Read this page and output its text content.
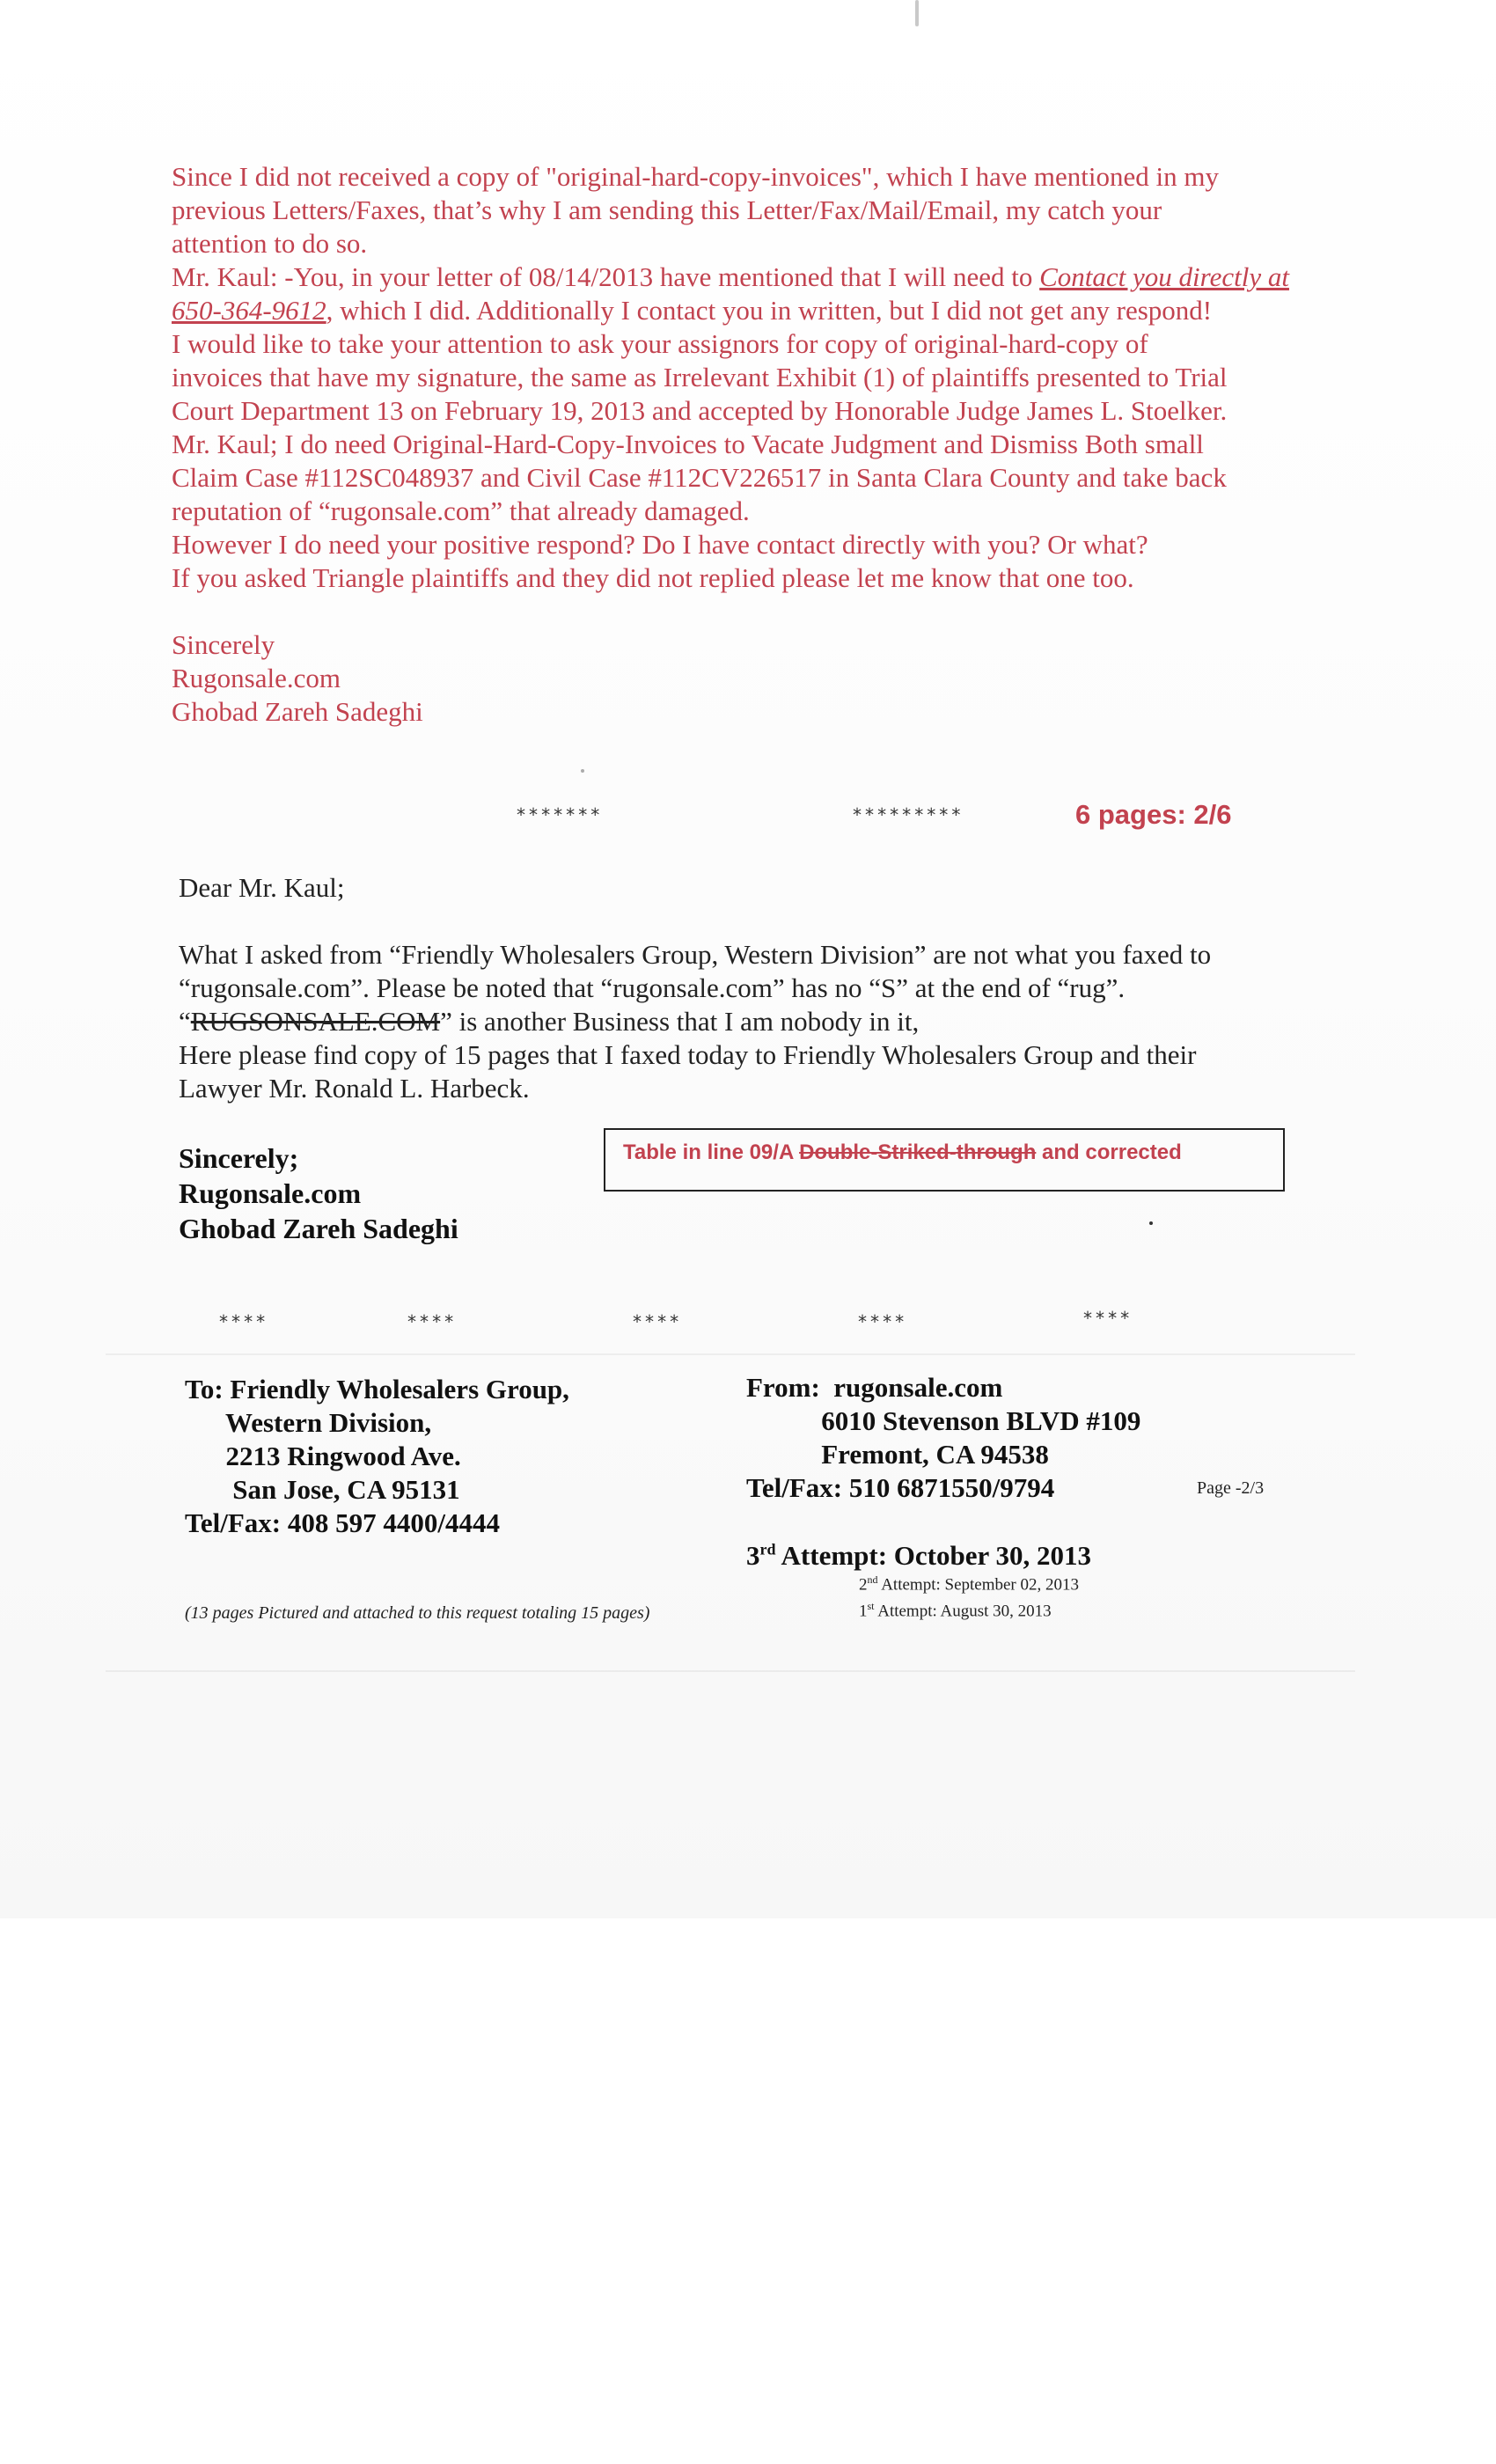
Since I did not received a copy of "original-hard-copy-invoices", which I have mentioned in my

previous Letters/Faxes, that’s why I am sending this Letter/Fax/Mail/Email, my catch your

attention to do so.

Mr. Kaul: -You, in your letter of 08/14/2013 have mentioned that I will need to Contact you directly at 650-364-9612, which I did. Additionally I contact you in written, but I did not get any respond!

I would like to take your attention to ask your assignors for copy of original-hard-copy of

invoices that have my signature, the same as Irrelevant Exhibit (1) of plaintiffs presented to Trial

Court Department 13 on February 19, 2013 and accepted by Honorable Judge James L. Stoelker.

Mr. Kaul; I do need Original-Hard-Copy-Invoices to Vacate Judgment and Dismiss Both small

Claim Case #112SC048937 and Civil Case #112CV226517 in Santa Clara County and take back

reputation of “rugonsale.com” that already damaged.

However I do need your positive respond? Do I have contact directly with you? Or what?

If you asked Triangle plaintiffs and they did not replied please let me know that one too.

Sincerely

Rugonsale.com

Ghobad Zareh Sadeghi

*******	*********	6 pages: 2/6

Dear Mr. Kaul;

What I asked from “Friendly Wholesalers Group, Western Division” are not what you faxed to

“rugonsale.com”. Please be noted that “rugonsale.com” has no “S” at the end of “rug”.

“RUGSONSALE.COM” is another Business that I am nobody in it,

Here please find copy of 15 pages that I faxed today to Friendly Wholesalers Group and their

Lawyer Mr. Ronald L. Harbeck.

Sincerely;
Rugonsale.com
Ghobad Zareh Sadeghi
Table in line 09/A Double-Striked-through and corrected
****	****	****	****	****
To: Friendly Wholesalers Group,
Western Division,
2213 Ringwood Ave.
San Jose, CA 95131
Tel/Fax: 408 597 4400/4444
(13 pages Pictured and attached to this request totaling 15 pages)
From:  rugonsale.com
6010 Stevenson BLVD #109
Fremont, CA 94538
Tel/Fax: 510 6871550/9794	Page -2/3
3rd Attempt: October 30, 2013
2nd Attempt: September 02, 2013
1st Attempt: August 30, 2013
